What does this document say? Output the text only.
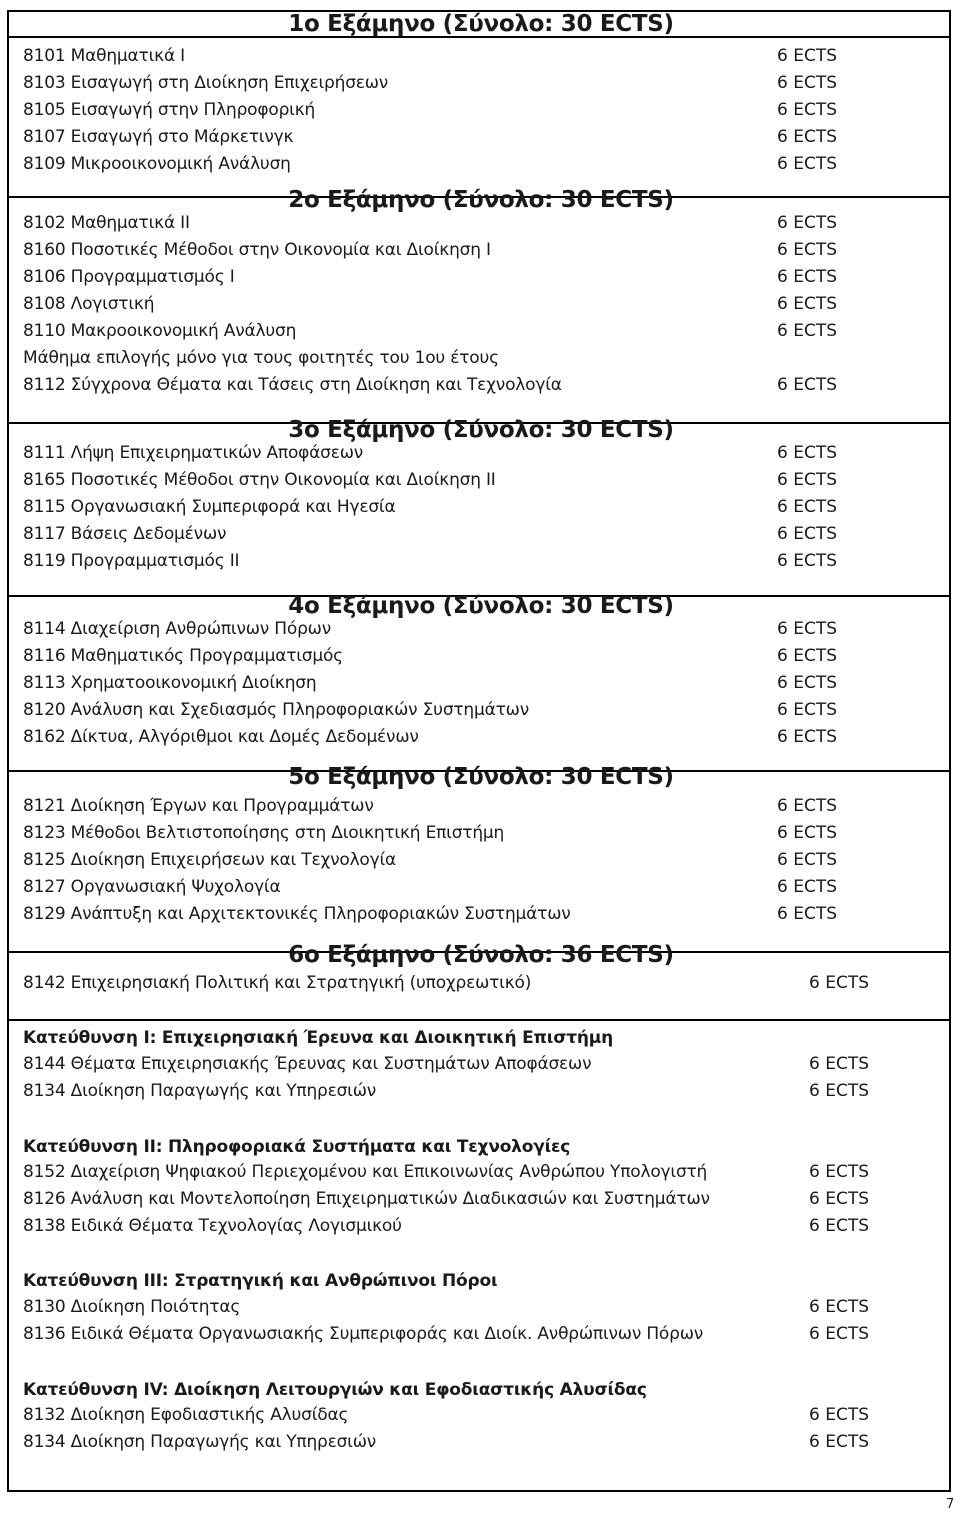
1ο Εξάμηνο (Σύνολο: 30 ECTS)
8101 Μαθηματικά Ι	6 ECTS
8103 Εισαγωγή στη Διοίκηση Επιχειρήσεων	6 ECTS
8105 Εισαγωγή στην Πληροφορική	6 ECTS
8107 Εισαγωγή στο Μάρκετινγκ	6 ECTS
8109 Μικροοικονομική Ανάλυση	6 ECTS
2ο Εξάμηνο (Σύνολο: 30 ECTS)
8102 Μαθηματικά ΙΙ	6 ECTS
8160 Ποσοτικές Μέθοδοι στην Οικονομία και Διοίκηση Ι	6 ECTS
8106 Προγραμματισμός Ι	6 ECTS
8108 Λογιστική	6 ECTS
8110 Μακροοικονομική Ανάλυση	6 ECTS
Μάθημα επιλογής μόνο για τους φοιτητές του 1ου έτους
8112 Σύγχρονα Θέματα και Τάσεις στη Διοίκηση και Τεχνολογία	6 ECTS
3ο Εξάμηνο (Σύνολο: 30 ECTS)
8111 Λήψη Επιχειρηματικών Αποφάσεων	6 ECTS
8165 Ποσοτικές Μέθοδοι στην Οικονομία και Διοίκηση ΙΙ	6 ECTS
8115 Οργανωσιακή Συμπεριφορά και Ηγεσία	6 ECTS
8117 Βάσεις Δεδομένων	6 ECTS
8119 Προγραμματισμός ΙΙ	6 ECTS
4ο Εξάμηνο (Σύνολο: 30 ECTS)
8114 Διαχείριση Ανθρώπινων Πόρων	6 ECTS
8116 Μαθηματικός Προγραμματισμός	6 ECTS
8113 Χρηματοοικονομική Διοίκηση	6 ECTS
8120 Ανάλυση και Σχεδιασμός Πληροφοριακών Συστημάτων	6 ECTS
8162 Δίκτυα, Αλγόριθμοι και Δομές Δεδομένων	6 ECTS
5ο Εξάμηνο (Σύνολο: 30 ECTS)
8121 Διοίκηση Έργων και Προγραμμάτων	6 ECTS
8123 Μέθοδοι Βελτιστοποίησης στη Διοικητική Επιστήμη	6 ECTS
8125 Διοίκηση Επιχειρήσεων και Τεχνολογία	6 ECTS
8127 Οργανωσιακή Ψυχολογία	6 ECTS
8129 Ανάπτυξη και Αρχιτεκτονικές Πληροφοριακών Συστημάτων	6 ECTS
6ο Εξάμηνο (Σύνολο: 36 ECTS)
8142 Επιχειρησιακή Πολιτική και Στρατηγική (υποχρεωτικό)	6 ECTS
Κατεύθυνση Ι: Επιχειρησιακή Έρευνα και Διοικητική Επιστήμη
8144 Θέματα Επιχειρησιακής Έρευνας και Συστημάτων Αποφάσεων	6 ECTS
8134 Διοίκηση Παραγωγής και Υπηρεσιών	6 ECTS
Κατεύθυνση ΙΙ: Πληροφοριακά Συστήματα και Τεχνολογίες
8152 Διαχείριση Ψηφιακού Περιεχομένου και Επικοινωνίας Ανθρώπου Υπολογιστή	6 ECTS
8126 Ανάλυση και Μοντελοποίηση Επιχειρηματικών Διαδικασιών και Συστημάτων	6 ECTS
8138 Ειδικά Θέματα Τεχνολογίας Λογισμικού	6 ECTS
Κατεύθυνση ΙΙΙ: Στρατηγική και Ανθρώπινοι Πόροι
8130 Διοίκηση Ποιότητας	6 ECTS
8136 Ειδικά Θέματα Οργανωσιακής Συμπεριφοράς και Διοίκ. Ανθρώπινων Πόρων	6 ECTS
Κατεύθυνση IV: Διοίκηση Λειτουργιών και Εφοδιαστικής Αλυσίδας
8132 Διοίκηση Εφοδιαστικής Αλυσίδας	6 ECTS
8134 Διοίκηση Παραγωγής και Υπηρεσιών	6 ECTS
7
